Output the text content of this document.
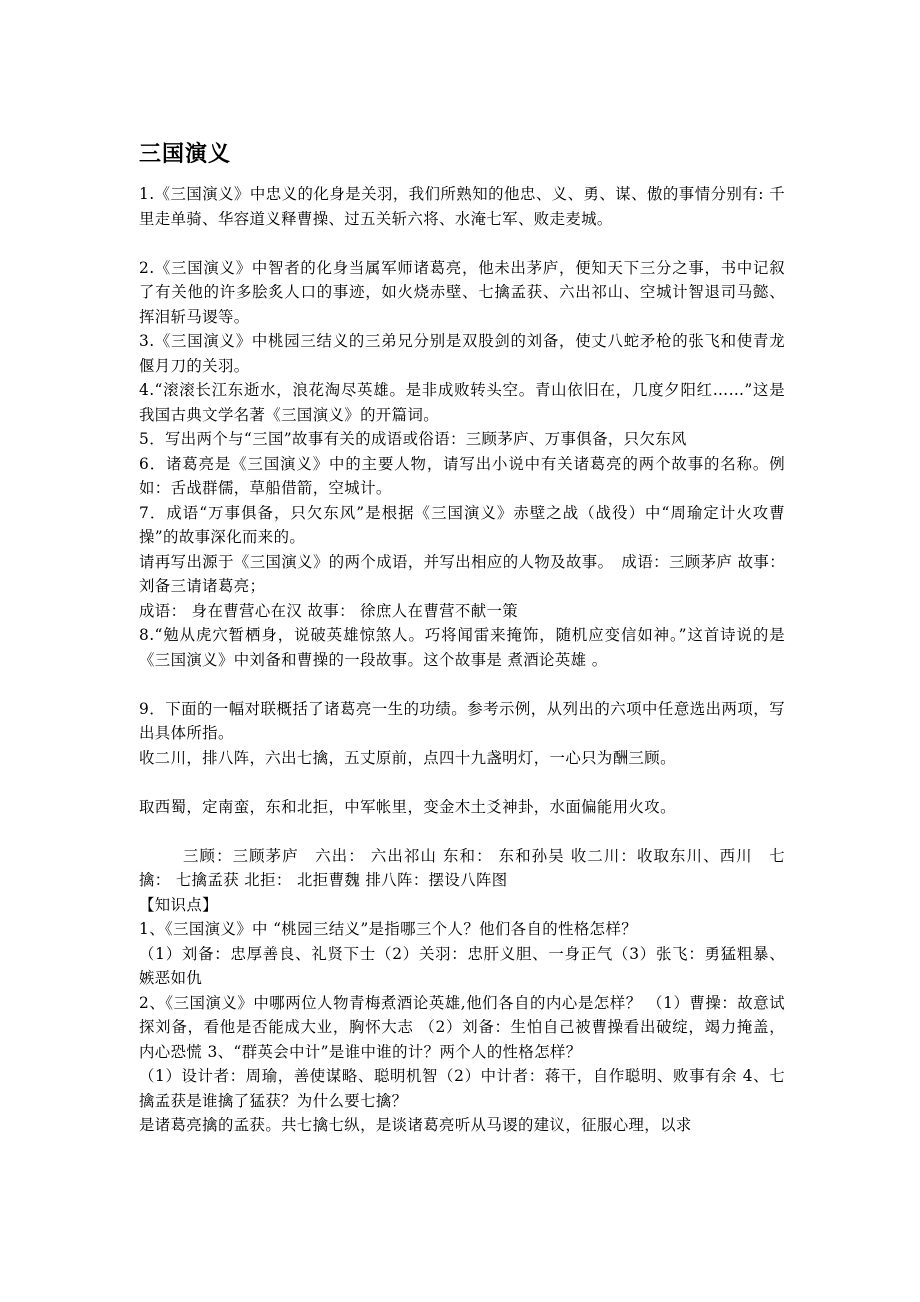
三国演义

1.《三国演义》中忠义的化身是关羽，我们所熟知的他忠、义、勇、谋、傲的事情分别有: 千里走单骑、华容道义释曹操、过五关斩六将、水淹七军、败走麦城。

2.《三国演义》中智者的化身当属军师诸葛亮，他未出茅庐，便知天下三分之事，书中记叙了有关他的许多脍炙人口的事迹，如火烧赤壁、七擒孟获、六出祁山、空城计智退司马懿、挥泪斩马谡等。

3.《三国演义》中桃园三结义的三弟兄分别是双股剑的刘备，使丈八蛇矛枪的张飞和使青龙偃月刀的关羽。

4.“滚滚长江东逝水，浪花淘尽英雄。是非成败转头空。青山依旧在，几度夕阳红……”这是我国古典文学名著《三国演义》的开篇词。

5．写出两个与“三国”故事有关的成语或俗语：三顾茅庐、万事俱备，只欠东风

6．诸葛亮是《三国演义》中的主要人物，请写出小说中有关诸葛亮的两个故事的名称。例如：舌战群儒，草船借箭，空城计。

7．成语“万事俱备，只欠东风”是根据《三国演义》赤壁之战（战役）中“周瑜定计火攻曹操”的故事深化而来的。

请再写出源于《三国演义》的两个成语，并写出相应的人物及故事。　成语：三顾茅庐 故事： 刘备三请诸葛亮；

成语： 身在曹营心在汉 故事： 徐庶人在曹营不献一策

8.“勉从虎穴暂栖身，说破英雄惊煞人。巧将闻雷来掩饰，随机应变信如神。”这首诗说的是《三国演义》中刘备和曹操的一段故事。这个故事是 煮酒论英雄 。

9．下面的一幅对联概括了诸葛亮一生的功绩。参考示例，从列出的六项中任意选出两项，写出具体所指。

收二川，排八阵，六出七擒，五丈原前，点四十九盏明灯，一心只为酬三顾。

取西蜀，定南蛮，东和北拒，中军帐里，变金木土爻神卦，水面偏能用火攻。

三顾：三顾茅庐　六出： 六出祁山 东和： 东和孙吴 收二川：收取东川、西川　七擒： 七擒孟获 北拒： 北拒曹魏 排八阵：摆设八阵图

【知识点】

1、《三国演义》中 “桃园三结义”是指哪三个人？他们各自的性格怎样？

（1）刘备：忠厚善良、礼贤下士（2）关羽：忠肝义胆、一身正气（3）张飞：勇猛粗暴、嫉恶如仇

2、《三国演义》中哪两位人物青梅煮酒论英雄,他们各自的内心是怎样？ （1）曹操：故意试探刘备，看他是否能成大业，胸怀大志 （2）刘备：生怕自己被曹操看出破绽，竭力掩盖，内心恐慌 3、“群英会中计”是谁中谁的计？两个人的性格怎样？

（1）设计者：周瑜，善使谋略、聪明机智（2）中计者：蒋干，自作聪明、败事有余 4、七擒孟获是谁擒了猛获？为什么要七擒？

是诸葛亮擒的孟获。共七擒七纵，是谈诸葛亮听从马谡的建议，征服心理，以求
